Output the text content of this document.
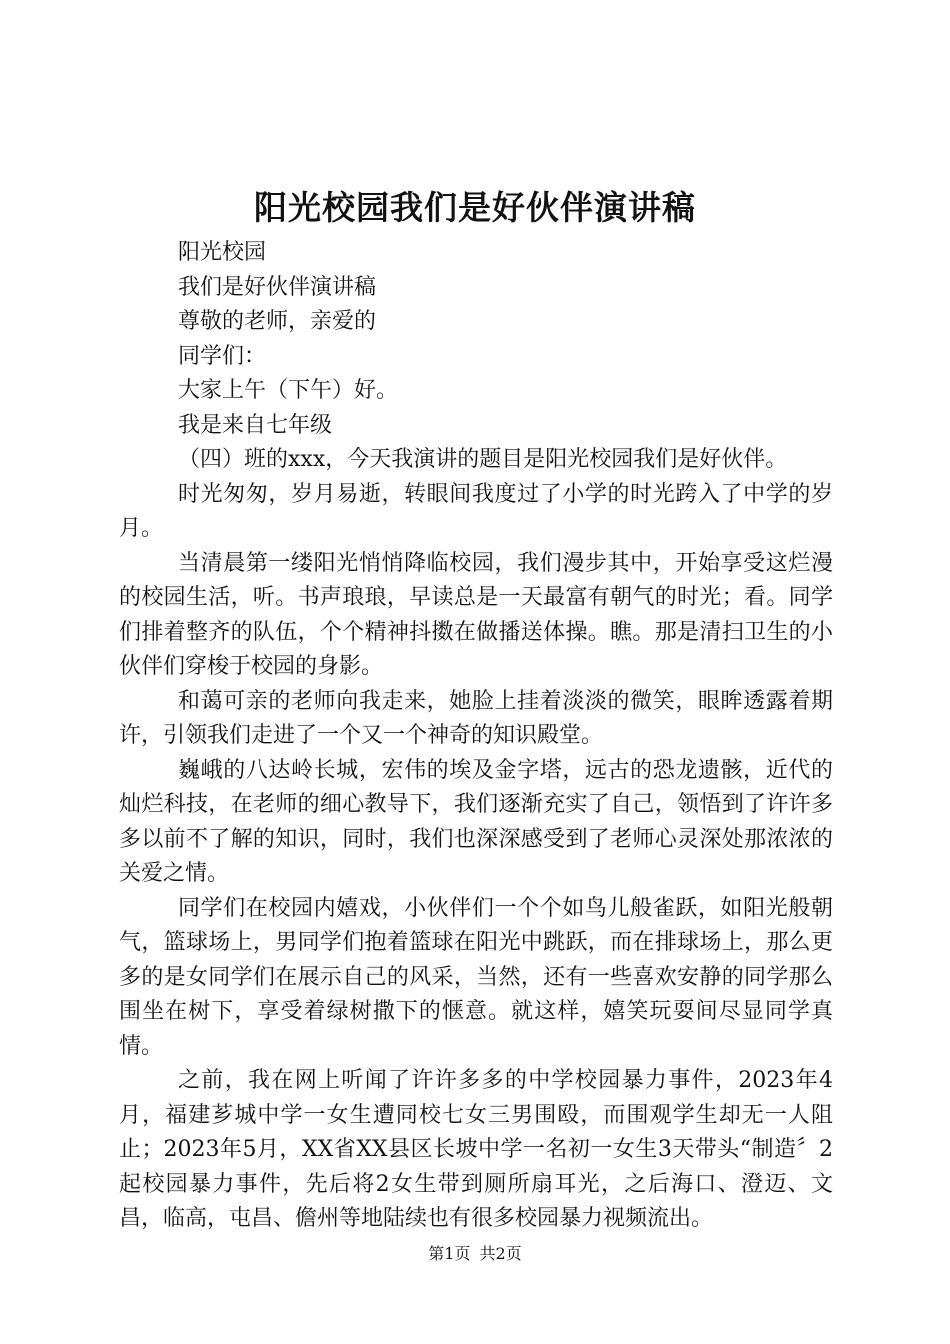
阳光校园我们是好伙伴演讲稿

阳光校园

我们是好伙伴演讲稿

尊敬的老师，亲爱的

同学们：

大家上午（下午）好。

我是来自七年级

（四）班的xxx，今天我演讲的题目是阳光校园我们是好伙伴。

时光匆匆，岁月易逝，转眼间我度过了小学的时光跨入了中学的岁月。

当清晨第一缕阳光悄悄降临校园，我们漫步其中，开始享受这烂漫的校园生活，听。书声琅琅，早读总是一天最富有朝气的时光；看。同学们排着整齐的队伍，个个精神抖擞在做播送体操。瞧。那是清扫卫生的小伙伴们穿梭于校园的身影。

和蔼可亲的老师向我走来，她脸上挂着淡淡的微笑，眼眸透露着期许，引领我们走进了一个又一个神奇的知识殿堂。

巍峨的八达岭长城，宏伟的埃及金字塔，远古的恐龙遗骸，近代的灿烂科技，在老师的细心教导下，我们逐渐充实了自己，领悟到了许许多多以前不了解的知识，同时，我们也深深感受到了老师心灵深处那浓浓的关爱之情。

同学们在校园内嬉戏，小伙伴们一个个如鸟儿般雀跃，如阳光般朝气，篮球场上，男同学们抱着篮球在阳光中跳跃，而在排球场上，那么更多的是女同学们在展示自己的风采，当然，还有一些喜欢安静的同学那么围坐在树下，享受着绿树撒下的惬意。就这样，嬉笑玩耍间尽显同学真情。

之前，我在网上听闻了许许多多的中学校园暴力事件，2023年4月，福建芗城中学一女生遭同校七女三男围殴，而围观学生却无一人阻止；2023年5月，XX省XX县区长坡中学一名初一女生3天带头“制造〞2起校园暴力事件，先后将2女生带到厕所扇耳光，之后海口、澄迈、文昌，临高，屯昌、儋州等地陆续也有很多校园暴力视频流出。

第1页 共2页
